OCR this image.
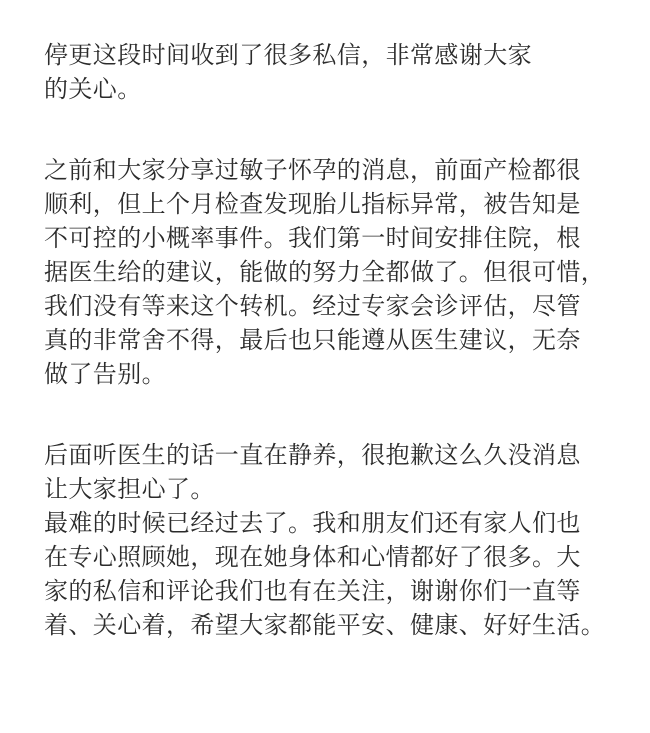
停更这段时间收到了很多私信，非常感谢大家
的关心。

之前和大家分享过敏子怀孕的消息，前面产检都很
顺利，但上个月检查发现胎儿指标异常，被告知是
不可控的小概率事件。我们第一时间安排住院，根
据医生给的建议，能做的努力全都做了。但很可惜，
我们没有等来这个转机。经过专家会诊评估，尽管
真的非常舍不得，最后也只能遵从医生建议，无奈
做了告别。

后面听医生的话一直在静养，很抱歉这么久没消息
让大家担心了。
最难的时候已经过去了。我和朋友们还有家人们也
在专心照顾她，现在她身体和心情都好了很多。大
家的私信和评论我们也有在关注，谢谢你们一直等
着、关心着，希望大家都能平安、健康、好好生活。
